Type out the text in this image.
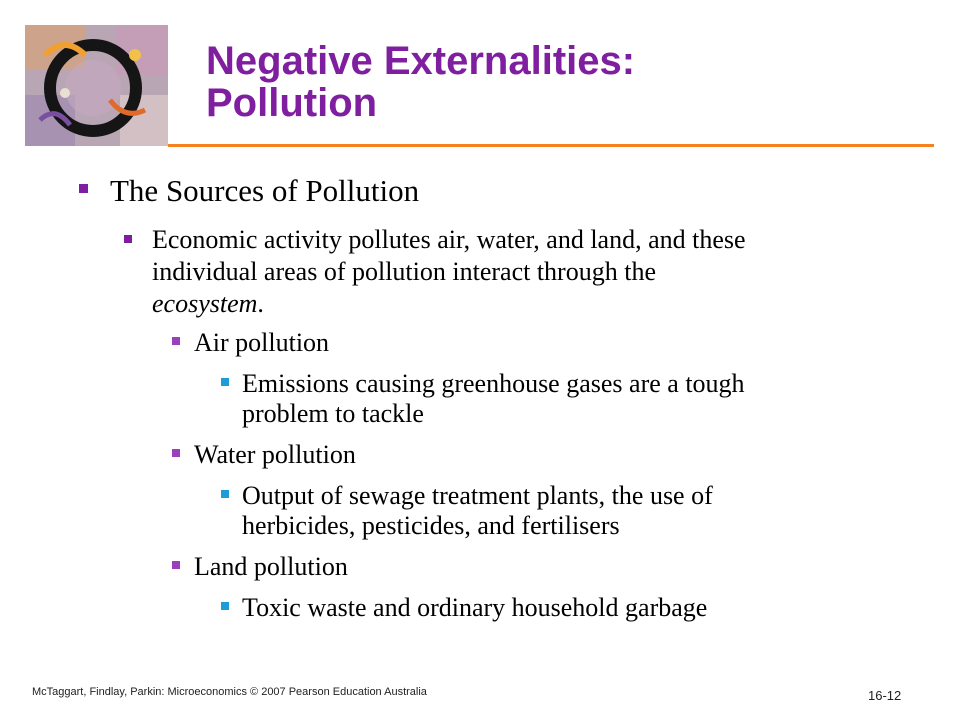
Negative Externalities:
Pollution
The Sources of Pollution
Economic activity pollutes air, water, and land, and these
individual areas of pollution interact through the
ecosystem.
Air pollution
Emissions causing greenhouse gases are a tough
problem to tackle
Water pollution
Output of sewage treatment plants, the use of
herbicides, pesticides, and fertilisers
Land pollution
Toxic waste and ordinary household garbage
McTaggart, Findlay, Parkin: Microeconomics © 2007 Pearson Education Australia	16-12
